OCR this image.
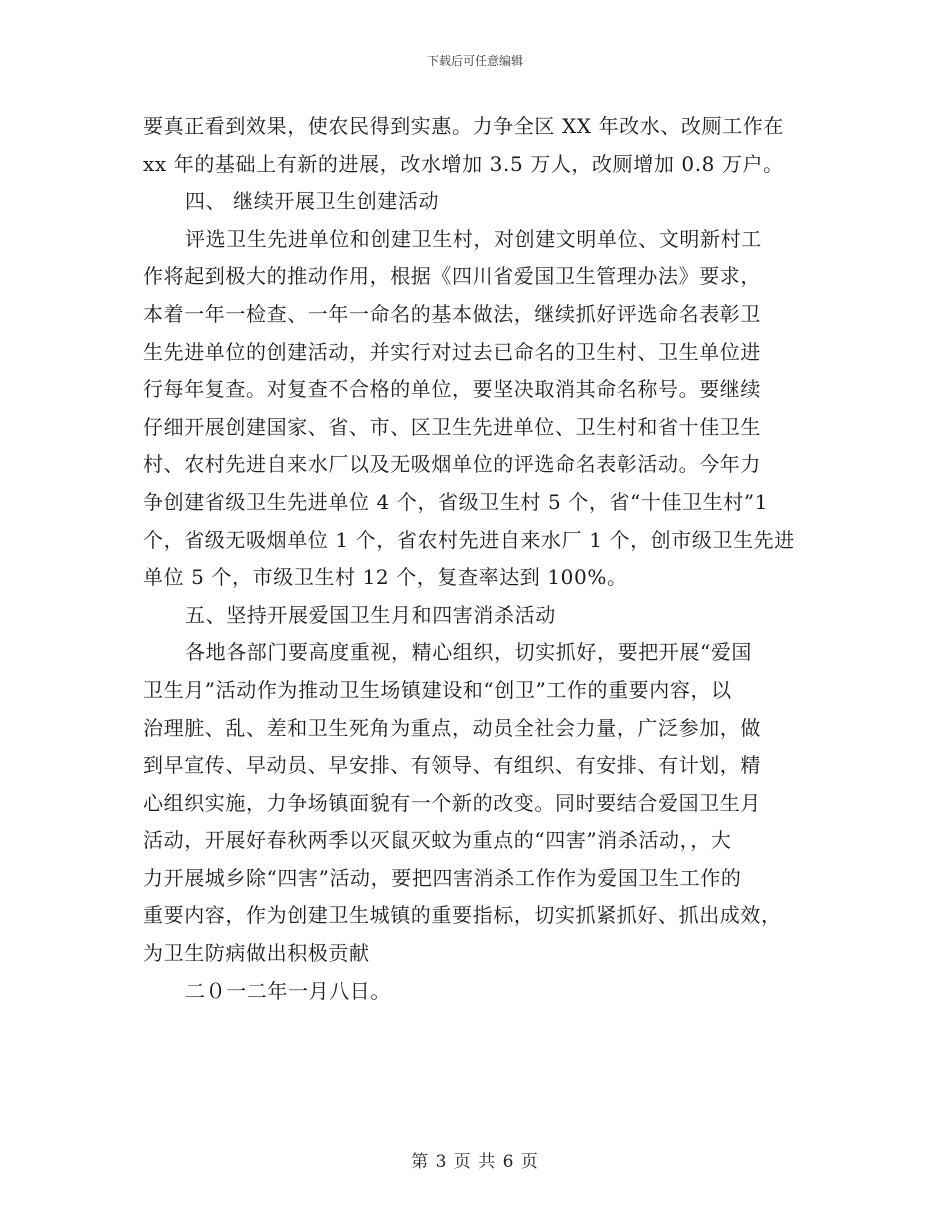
下载后可任意编辑
要真正看到效果，使农民得到实惠。力争全区 XX 年改水、改厕工作在
xx 年的基础上有新的进展，改水增加 3.5 万人，改厕增加 0.8 万户。
四、 继续开展卫生创建活动
评选卫生先进单位和创建卫生村，对创建文明单位、文明新村工
作将起到极大的推动作用，根据《四川省爱国卫生管理办法》要求，
本着一年一检查、一年一命名的基本做法，继续抓好评选命名表彰卫
生先进单位的创建活动，并实行对过去已命名的卫生村、卫生单位进
行每年复查。对复查不合格的单位，要坚决取消其命名称号。要继续
仔细开展创建国家、省、市、区卫生先进单位、卫生村和省十佳卫生
村、农村先进自来水厂以及无吸烟单位的评选命名表彰活动。今年力
争创建省级卫生先进单位 4 个，省级卫生村 5 个，省“十佳卫生村”1
个，省级无吸烟单位 1 个，省农村先进自来水厂 1 个，创市级卫生先进
单位 5 个，市级卫生村 12 个，复查率达到 100%。
五、坚持开展爱国卫生月和四害消杀活动
各地各部门要高度重视，精心组织，切实抓好，要把开展“爱国
卫生月”活动作为推动卫生场镇建设和“创卫”工作的重要内容，以
治理脏、乱、差和卫生死角为重点，动员全社会力量，广泛参加，做
到早宣传、早动员、早安排、有领导、有组织、有安排、有计划，精
心组织实施，力争场镇面貌有一个新的改变。同时要结合爱国卫生月
活动，开展好春秋两季以灭鼠灭蚊为重点的“四害”消杀活动，，大
力开展城乡除“四害”活动，要把四害消杀工作作为爱国卫生工作的
重要内容，作为创建卫生城镇的重要指标，切实抓紧抓好、抓出成效，
为卫生防病做出积极贡献
二０一二年一月八日。
第 3 页 共 6 页
